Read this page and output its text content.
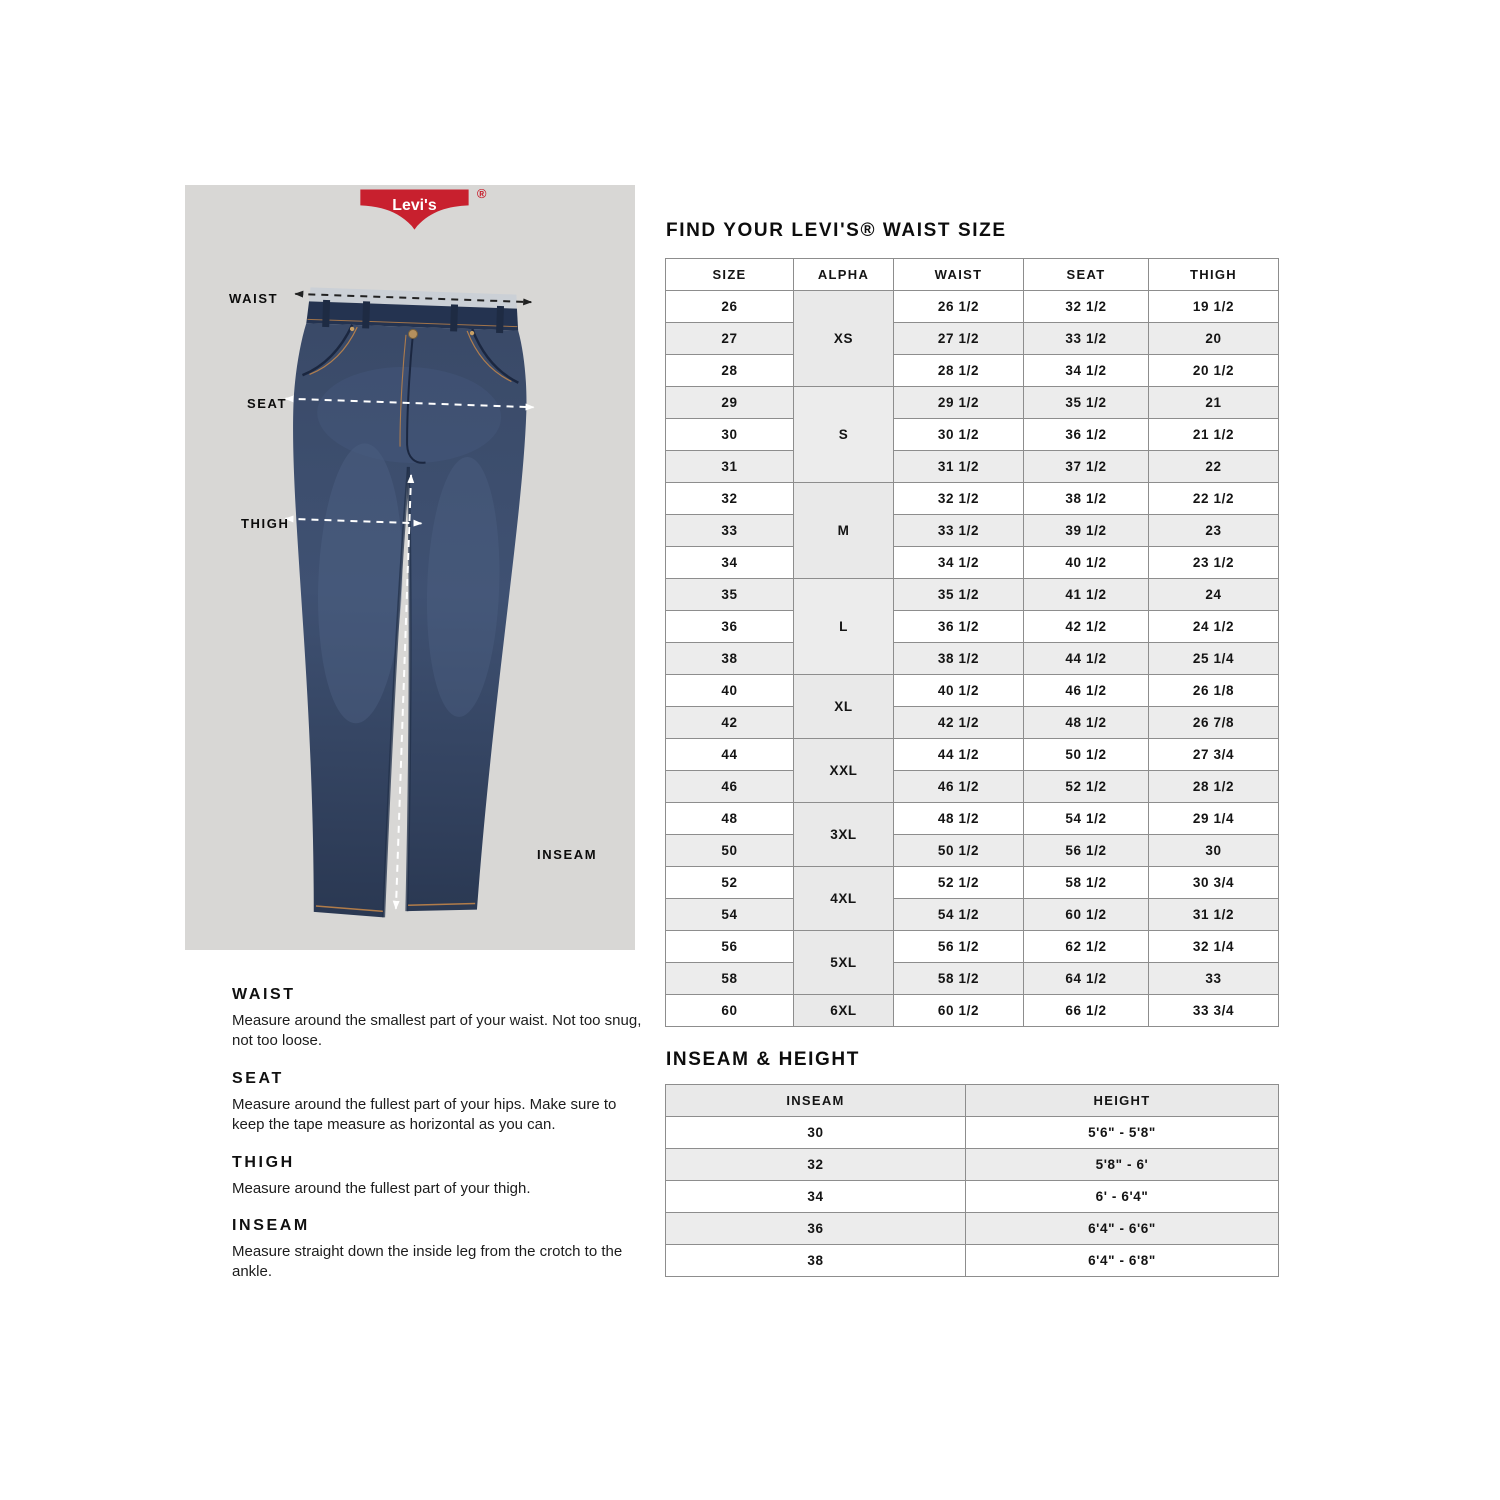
Levi's
®
WAIST
SEAT
THIGH
INSEAM
WAIST

Measure around the smallest part of your waist. Not too snug, not too loose.

SEAT

Measure around the fullest part of your hips. Make sure to keep the tape measure as horizontal as you can.

THIGH

Measure around the fullest part of your thigh.

INSEAM

Measure straight down the inside leg from the crotch to the ankle.

FIND YOUR LEVI'S® WAIST SIZE
SIZE	ALPHA	WAIST	SEAT	THIGH
26	XS	26 1/2	32 1/2	19 1/2
27		27 1/2	33 1/2	20
28		28 1/2	34 1/2	20 1/2
29	S	29 1/2	35 1/2	21
30		30 1/2	36 1/2	21 1/2
31		31 1/2	37 1/2	22
32	M	32 1/2	38 1/2	22 1/2
33		33 1/2	39 1/2	23
34		34 1/2	40 1/2	23 1/2
35	L	35 1/2	41 1/2	24
36		36 1/2	42 1/2	24 1/2
38		38 1/2	44 1/2	25 1/4
40	XL	40 1/2	46 1/2	26 1/8
42		42 1/2	48 1/2	26 7/8
44	XXL	44 1/2	50 1/2	27 3/4
46		46 1/2	52 1/2	28 1/2
48	3XL	48 1/2	54 1/2	29 1/4
50		50 1/2	56 1/2	30
52	4XL	52 1/2	58 1/2	30 3/4
54		54 1/2	60 1/2	31 1/2
56	5XL	56 1/2	62 1/2	32 1/4
58		58 1/2	64 1/2	33
60	6XL	60 1/2	66 1/2	33 3/4
INSEAM & HEIGHT
INSEAM	HEIGHT
30	5'6" - 5'8"
32	5'8" - 6'
34	6' - 6'4"
36	6'4" - 6'6"
38	6'4" - 6'8"
